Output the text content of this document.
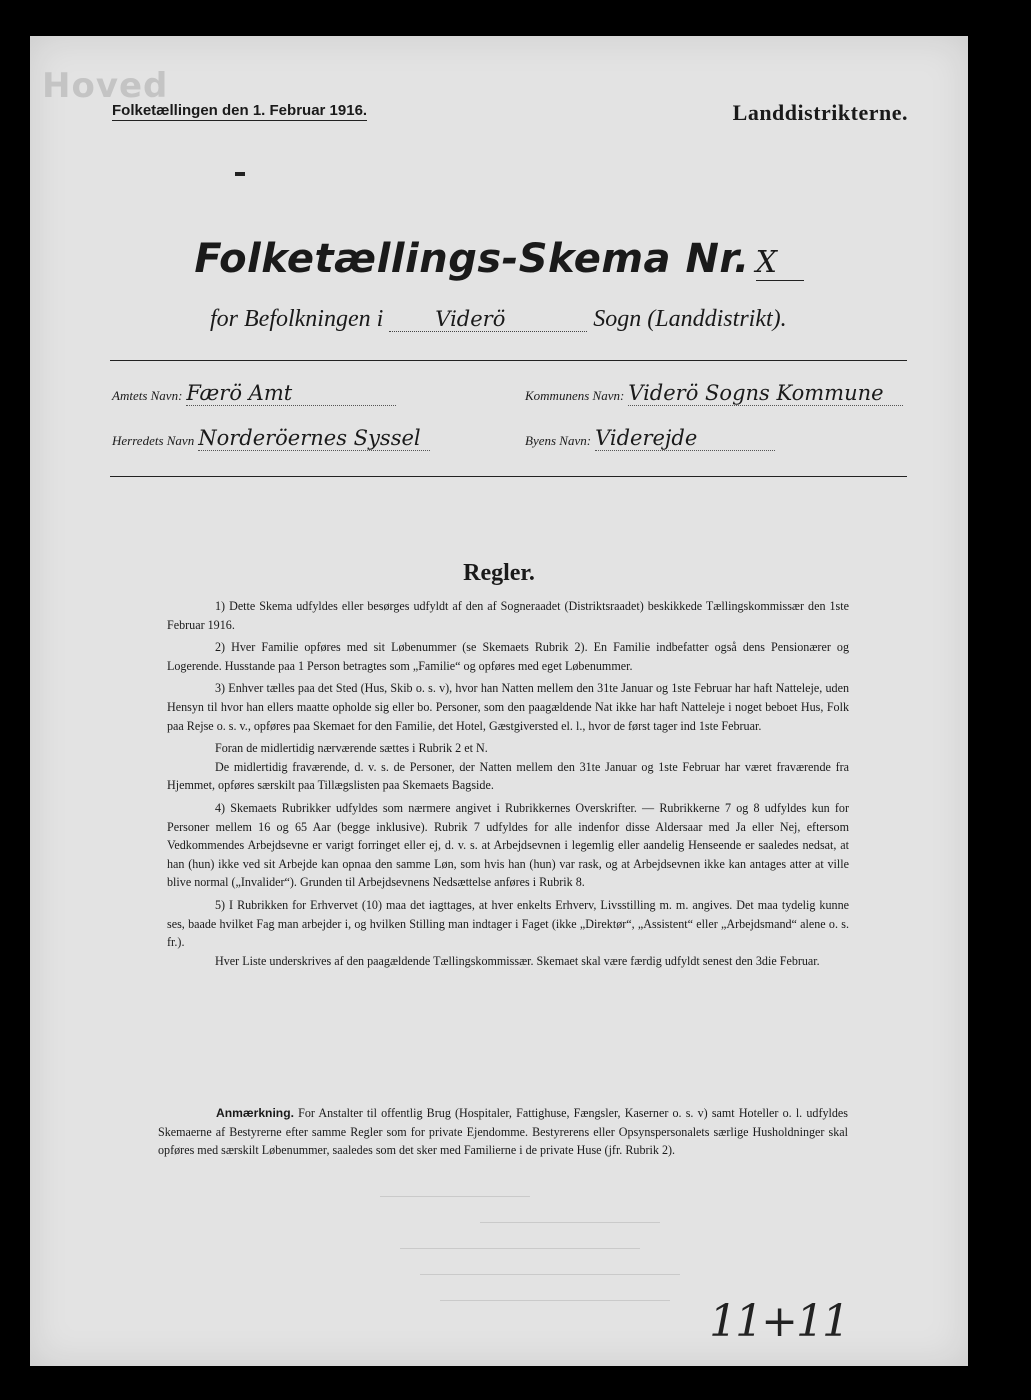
Hoved
Folketællingen den 1. Februar 1916.	Landdistrikterne.
Folketællings-Skema Nr. X
for Befolkningen i Viderö	Sogn (Landdistrikt).
Amtets Navn: Færö Amt	Kommunens Navn: Viderö Sogns Kommune
Herredets Navn Norderöernes Syssel	Byens Navn: Viderejde
Regler.

1) Dette Skema udfyldes eller besørges udfyldt af den af Sogneraadet (Distriktsraadet) beskikkede Tællingskommissær den 1ste Februar 1916.

2) Hver Familie opføres med sit Løbenummer (se Skemaets Rubrik 2). En Familie indbefatter også dens Pensionærer og Logerende. Husstande paa 1 Person betragtes som „Familie“ og opføres med eget Løbenummer.

3) Enhver tælles paa det Sted (Hus, Skib o. s. v), hvor han Natten mellem den 31te Januar og 1ste Februar har haft Natteleje, uden Hensyn til hvor han ellers maatte opholde sig eller bo. Personer, som den paagældende Nat ikke har haft Natteleje i noget beboet Hus, Folk paa Rejse o. s. v., opføres paa Skemaet for den Familie, det Hotel, Gæstgiversted el. l., hvor de først tager ind 1ste Februar.

Foran de midlertidig nærværende sættes i Rubrik 2 et N.

De midlertidig fraværende, d. v. s. de Personer, der Natten mellem den 31te Januar og 1ste Februar har været fraværende fra Hjemmet, opføres særskilt paa Tillægslisten paa Skemaets Bagside.

4) Skemaets Rubrikker udfyldes som nærmere angivet i Rubrikkernes Overskrifter. — Rubrikkerne 7 og 8 udfyldes kun for Personer mellem 16 og 65 Aar (begge inklusive). Rubrik 7 udfyldes for alle indenfor disse Aldersaar med Ja eller Nej, eftersom Vedkommendes Arbejdsevne er varigt forringet eller ej, d. v. s. at Arbejdsevnen i legemlig eller aandelig Henseende er saaledes nedsat, at han (hun) ikke ved sit Arbejde kan opnaa den samme Løn, som hvis han (hun) var rask, og at Arbejdsevnen ikke kan antages atter at ville blive normal („Invalider“). Grunden til Arbejdsevnens Nedsættelse anføres i Rubrik 8.

5) I Rubrikken for Erhvervet (10) maa det iagttages, at hver enkelts Erhverv, Livsstilling m. m. angives. Det maa tydelig kunne ses, baade hvilket Fag man arbejder i, og hvilken Stilling man indtager i Faget (ikke „Direktør“, „Assistent“ eller „Arbejdsmand“ alene o. s. fr.).

Hver Liste underskrives af den paagældende Tællingskommissær. Skemaet skal være færdig udfyldt senest den 3die Februar.

Anmærkning. For Anstalter til offentlig Brug (Hospitaler, Fattighuse, Fængsler, Kaserner o. s. v) samt Hoteller o. l. udfyldes Skemaerne af Bestyrerne efter samme Regler som for private Ejendomme. Bestyrerens eller Opsynspersonalets særlige Husholdninger skal opføres med særskilt Løbenummer, saaledes som det sker med Familierne i de private Huse (jfr. Rubrik 2).

11+11
